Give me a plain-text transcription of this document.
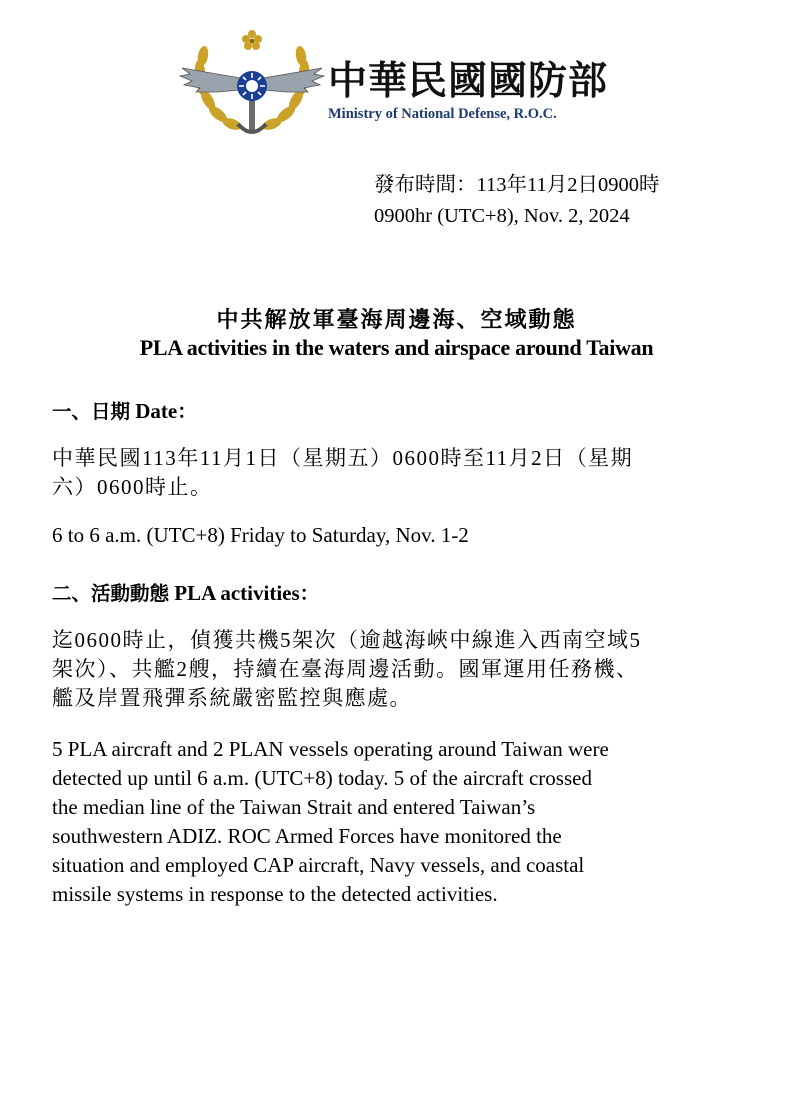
中華民國國防部
Ministry of National Defense, R.O.C.
發布時間：113年11月2日0900時
0900hr (UTC+8), Nov. 2, 2024
中共解放軍臺海周邊海、空域動態
PLA activities in the waters and airspace around Taiwan
一、日期 Date：
中華民國113年11月1日（星期五）0600時至11月2日（星期
六）0600時止。
6 to 6 a.m. (UTC+8) Friday to Saturday, Nov. 1-2
二、活動動態 PLA activities：
迄0600時止，偵獲共機5架次（逾越海峽中線進入西南空域5
架次）、共艦2艘，持續在臺海周邊活動。國軍運用任務機、
艦及岸置飛彈系統嚴密監控與應處。
5 PLA aircraft and 2 PLAN vessels operating around Taiwan were
detected up until 6 a.m. (UTC+8) today. 5 of the aircraft crossed
the median line of the Taiwan Strait and entered Taiwan’s
southwestern ADIZ. ROC Armed Forces have monitored the
situation and employed CAP aircraft, Navy vessels, and coastal
missile systems in response to the detected activities.
